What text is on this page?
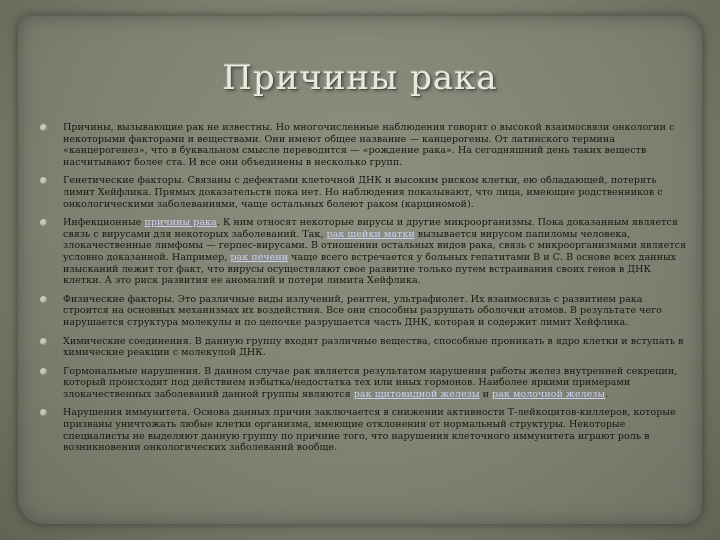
Причины рака
Причины, вызывающие рак не известны. Но многочисленные наблюдения говорят о высокой взаимосвязи онкологии с некоторыми факторами и веществами. Они имеют общее название — канцерогены. От латинского термина «канцерогенез», что в буквальном смысле переводится — «рождение рака». На сегодняшний день таких веществ насчитывают более ста. И все они объединены в несколько групп.
Генетические факторы. Связаны с дефектами клеточной ДНК и высоким риском клетки, ею обладающей, потерять лимит Хейфлика. Прямых доказательств пока нет. Но наблюдения показывают, что лица, имеющие родственников с онкологическими заболеваниями, чаще остальных болеют раком (карциномой).
Инфекционные причины рака. К ним относят некоторые вирусы и другие микроорганизмы. Пока доказанным является связь с вирусами для некоторых заболеваний. Так, рак шейки матки вызывается вирусом папиломы человека, злокачественные лимфомы — герпес-вирусами. В отношении остальных видов рака, связь с микроорганизмами является условно доказанной. Например, рак печени чаще всего встречается у больных гепатитами В и С. В основе всех данных изысканий лежит тот факт, что вирусы осуществляют свое развитие только путем встраивания своих генов в ДНК клетки. А это риск развития ее аномалий и потери лимита Хейфлика.
Физические факторы. Это различные виды излучений, рентген, ультрафиолет. Их взаимосвязь с развитием рака строится на основных механизмах их воздействия. Все они способны разрушать оболочки атомов. В результате чего нарушается структура молекулы и по цепочке разрушается часть ДНК, которая и содержит лимит Хейфлика.
Химические соединения. В данную группу входят различные вещества, способные проникать в ядро клетки и вступать в химические реакции с молекулой ДНК.
Гормональные нарушения. В данном случае рак является результатом нарушения работы желез внутренней секреции, который происходит под действием избытка/недостатка тех или иных гормонов. Наиболее яркими примерами злокачественных заболеваний данной группы являются рак щитовидной железы и рак молочной железы.
Нарушения иммунитета. Основа данных причин заключается в снижении активности Т-лейкоцитов-киллеров, которые призваны уничтожать любые клетки организма, имеющие отклонения от нормальный структуры. Некоторые специалисты не выделяют данную группу по причине того, что нарушения клеточного иммунитета играют роль в возникновении онкологических заболеваний вообще.
